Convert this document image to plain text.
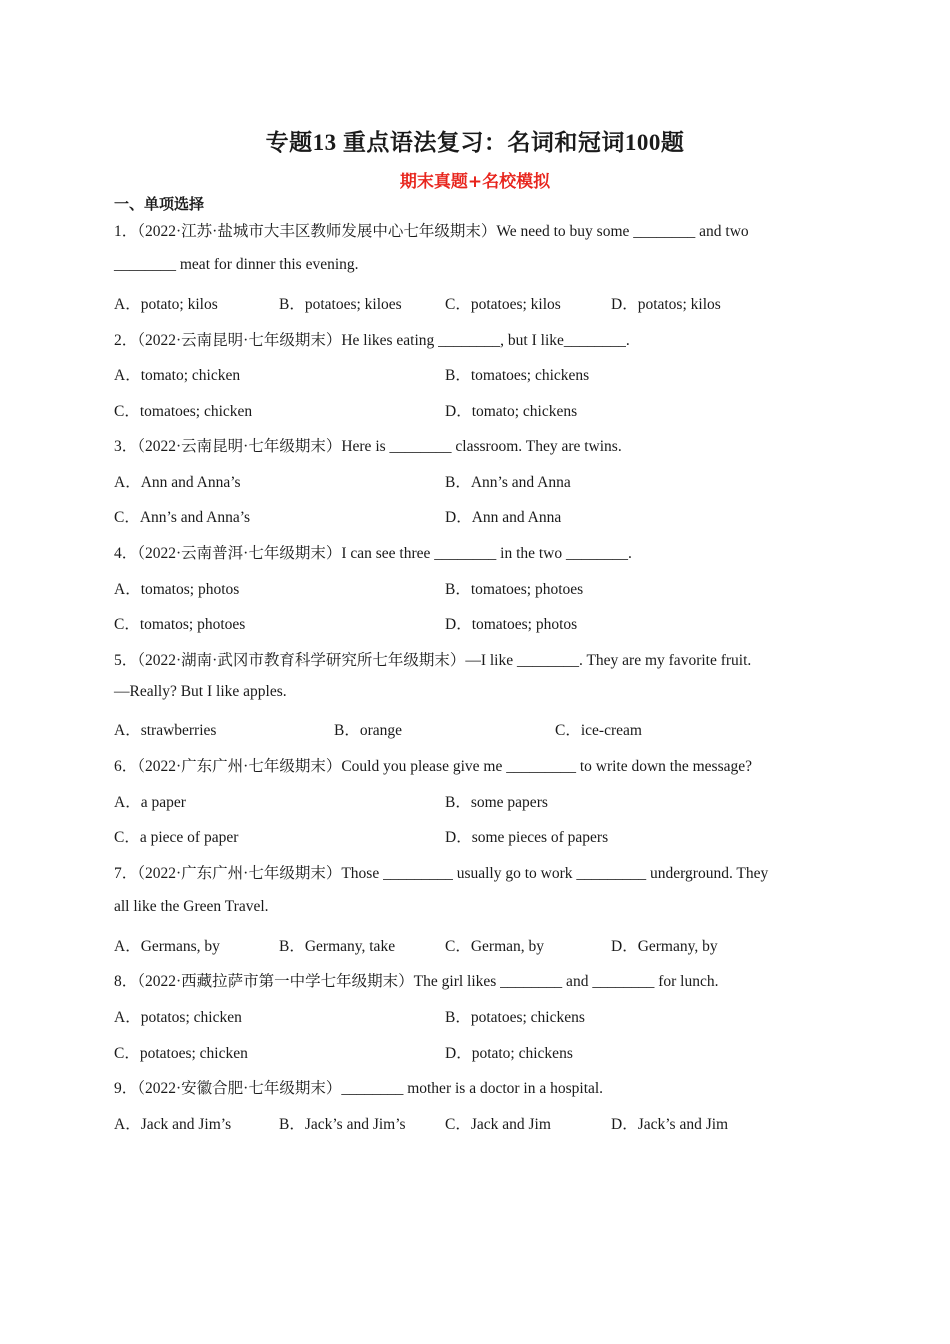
专题13 重点语法复习：名词和冠词100题
期末真题+名校模拟
一、单项选择
1．（2022·江苏·盐城市大丰区教师发展中心七年级期末）We need to buy some ________ and two
________ meat for dinner this evening.
A．potato; kilos	B．potatoes; kiloes	C．potatoes; kilos	D．potatos; kilos
2．（2022·云南昆明·七年级期末）He likes eating ________, but I like________.
A．tomato; chicken	B．tomatoes; chickens
C．tomatoes; chicken	D．tomato; chickens
3．（2022·云南昆明·七年级期末）Here is ________ classroom. They are twins.
A．Ann and Anna’s	B．Ann’s and Anna
C．Ann’s and Anna’s	D．Ann and Anna
4．（2022·云南普洱·七年级期末）I can see three ________ in the two ________.
A．tomatos; photos	B．tomatoes; photoes
C．tomatos; photoes	D．tomatoes; photos
5．（2022·湖南·武冈市教育科学研究所七年级期末）—I like ________. They are my favorite fruit.
—Really? But I like apples.
A．strawberries	B．orange	C．ice-cream
6．（2022·广东广州·七年级期末）Could you please give me _________ to write down the message?
A．a paper	B．some papers
C．a piece of paper	D．some pieces of papers
7．（2022·广东广州·七年级期末）Those _________ usually go to work _________ underground. They
all like the Green Travel.
A．Germans, by	B．Germany, take	C．German, by	D．Germany, by
8．（2022·西藏拉萨市第一中学七年级期末）The girl likes ________ and ________ for lunch.
A．potatos; chicken	B．potatoes; chickens
C．potatoes; chicken	D．potato; chickens
9．（2022·安徽合肥·七年级期末）________ mother is a doctor in a hospital.
A．Jack and Jim’s	B．Jack’s and Jim’s	C．Jack and Jim	D．Jack’s and Jim
